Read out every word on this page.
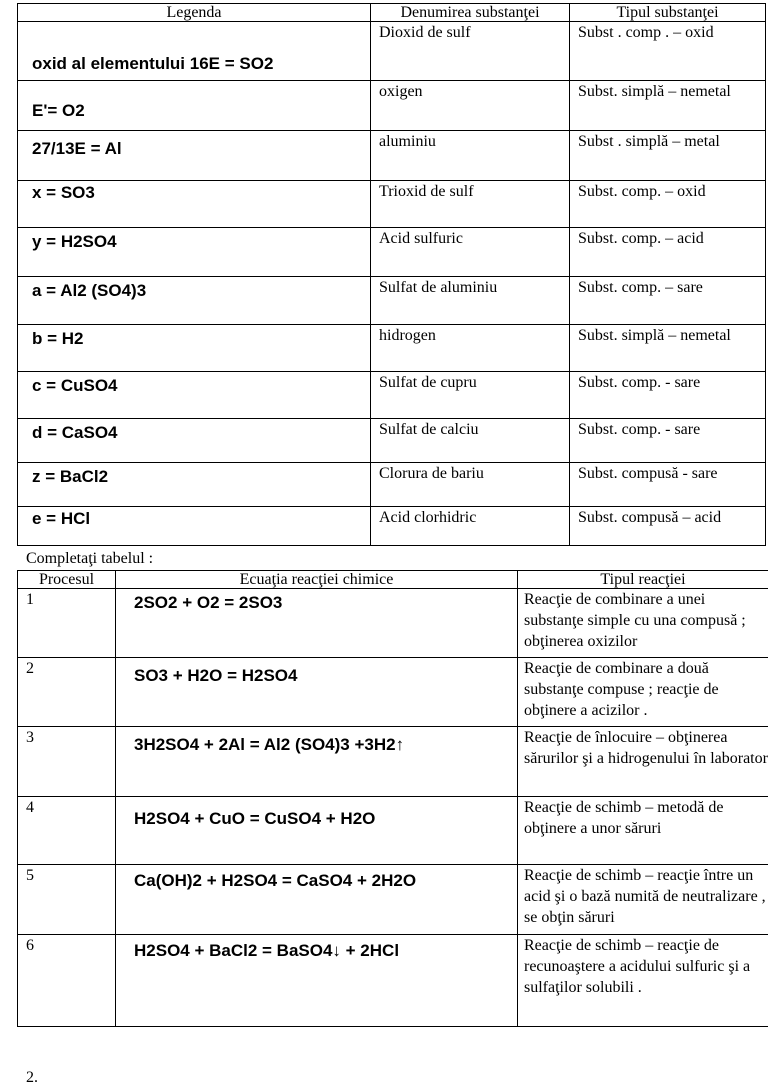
Legenda	Denumirea substanţei	Tipul substanţei

oxid al elementului 16E = SO2	Dioxid de sulf	Subst . comp . – oxid

E'= O2	oxigen	Subst. simplă – nemetal

27/13E = Al	aluminiu	Subst . simplă – metal

x = SO3	Trioxid de sulf	Subst. comp. – oxid

y = H2SO4	Acid sulfuric	Subst. comp. – acid

a = Al2 (SO4)3	Sulfat de aluminiu	Subst. comp. – sare

b = H2	hidrogen	Subst. simplă – nemetal

c = CuSO4	Sulfat de cupru	Subst. comp. - sare

d = CaSO4	Sulfat de calciu	Subst. comp. - sare

z = BaCl2	Clorura de bariu	Subst. compusă - sare

e = HCl	Acid clorhidric	Subst. compusă – acid
Completaţi tabelul :
Procesul	Ecuaţia reacţiei chimice	Tipul reacţiei
1	2SO2 + O2 = 2SO3	Reacţie de combinare a unei substanţe simple cu una compusă ; obţinerea oxizilor

2	SO3 + H2O = H2SO4	Reacţie de combinare a două substanţe compuse ; reacţie de obţinere a acizilor .

3	3H2SO4 + 2Al = Al2 (SO4)3 +3H2↑	Reacţie de înlocuire – obţinerea sărurilor şi a hidrogenului în laborator

4	H2SO4 + CuO = CuSO4 + H2O	Reacţie de schimb – metodă de obţinere a unor săruri

5	Ca(OH)2 + H2SO4 = CaSO4 + 2H2O	Reacţie de schimb – reacţie între un acid şi o bază numită de neutralizare , se obţin săruri

6	H2SO4 + BaCl2 = BaSO4↓ + 2HCl	Reacţie de schimb – reacţie de recunoaştere a acidului sulfuric şi a sulfaţilor solubili .
2.
